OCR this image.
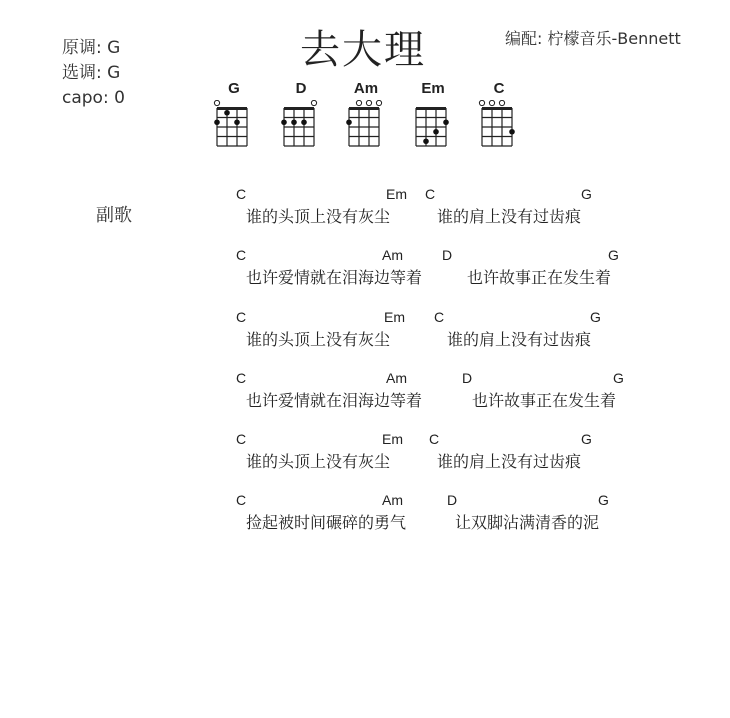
原调: G
选调: G
capo: 0
去大理	编配: 柠檬音乐-Bennett
G	D	Am	Em	C
副歌
C	Em C	G
谁的头顶上没有灰尘	谁的肩上没有过齿痕
C	Am	D	G
也许爱情就在泪海边等着	也许故事正在发生着
C	Em C	G
谁的头顶上没有灰尘	谁的肩上没有过齿痕
C	Am	D	G
也许爱情就在泪海边等着	也许故事正在发生着
C	Em C	G
谁的头顶上没有灰尘	谁的肩上没有过齿痕
C	Am	D	G
捡起被时间碾碎的勇气	让双脚沾满清香的泥
